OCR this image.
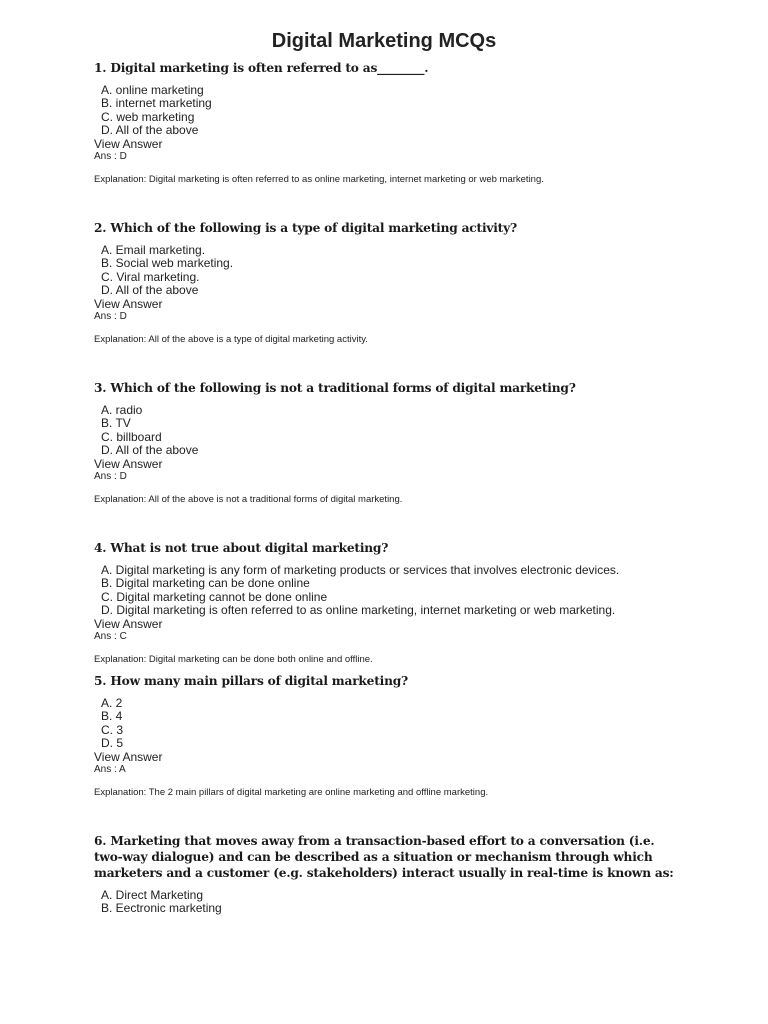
Digital Marketing MCQs

1. Digital marketing is often referred to as________.

A. online marketing
B. internet marketing
C. web marketing
D. All of the above
View Answer
Ans : D
Explanation: Digital marketing is often referred to as online marketing, internet marketing or web marketing.

2. Which of the following is a type of digital marketing activity?

A. Email marketing.
B. Social web marketing.
C. Viral marketing.
D. All of the above
View Answer
Ans : D
Explanation: All of the above is a type of digital marketing activity.

3. Which of the following is not a traditional forms of digital marketing?

A. radio
B. TV
C. billboard
D. All of the above
View Answer
Ans : D
Explanation: All of the above is not a traditional forms of digital marketing.

4. What is not true about digital marketing?

A. Digital marketing is any form of marketing products or services that involves electronic devices.
B. Digital marketing can be done online
C. Digital marketing cannot be done online
D. Digital marketing is often referred to as online marketing, internet marketing or web marketing.
View Answer
Ans : C
Explanation: Digital marketing can be done both online and offline.

5. How many main pillars of digital marketing?

A. 2
B. 4
C. 3
D. 5
View Answer
Ans : A
Explanation: The 2 main pillars of digital marketing are online marketing and offline marketing.

6. Marketing that moves away from a transaction-based effort to a conversation (i.e. two-way dialogue) and can be described as a situation or mechanism through which marketers and a customer (e.g. stakeholders) interact usually in real-time is known as:

A. Direct Marketing
B. Eectronic marketing
